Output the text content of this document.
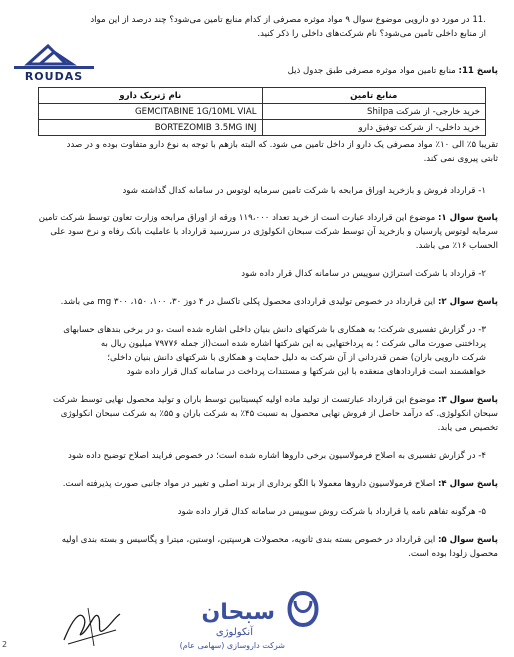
ROUDAS
.11 در مورد دو دارویی موضوع سوال ۹ مواد موثره مصرفی از کدام منابع تامین می‌شود؟ چند درصد از این مواد
از منابع داخلی تامین می‌شود؟ نام شرکت‌های داخلی را ذکر کنید.
پاسخ 11: منابع تامین مواد موثره مصرفی طبق جدول ذیل
منابع تامین	نام ژنریک دارو
خرید خارجی- از شرکت Shilpa	GEMCITABINE 1G/10ML VIAL
خرید داخلی- از شرکت توفیق دارو	BORTEZOMIB 3.5MG INJ
تقریبا ۵٪ الی ۱۰٪ مواد مصرفی یک دارو از داخل تامین می شود. که البته بازهم با توجه به نوع دارو متفاوت بوده و در صدد
ثابتی پیروی نمی کند.
۱- قرارداد فروش و بازخرید اوراق مرابحه با شرکت تامین سرمایه لوتوس در سامانه کدال گذاشته شود
پاسخ سوال ۱: موضوع این قرارداد عبارت است از خرید تعداد ۱۱۹،۰۰۰ ورقه از اوراق مرابحه وزارت تعاون توسط شرکت تامین
سرمایه لوتوس پارسیان و بازخرید آن توسط شرکت سبحان انکولوژی در سررسید قرارداد با عاملیت بانک رفاه و نرخ سود علی
الحساب ۱۶٪ می باشد.
۲- قرارداد با شرکت استراژن سوییس در سامانه کدال قرار داده شود
پاسخ سوال ۲: این قرارداد در خصوص تولیدی قراردادی محصول پکلی تاکسل در ۴ دوز ۳۰، ۱۰۰، ۱۵۰، ۳۰۰ mg می باشد.
۳- در گزارش تفسیری شرکت؛ به همکاری با شرکتهای دانش بنیان داخلی اشاره شده است ،و در برخی بندهای حسابهای
پرداختنی صورت مالی شرکت ؛ به پرداختهایی به این شرکتها اشاره شده است(از جمله ۷۹۷۷۶ میلیون ریال به
شرکت دارویی باران) ضمن قدردانی از آن شرکت به دلیل حمایت و همکاری با شرکتهای دانش بنیان داخلی؛
خواهشمند است قراردادهای منعقده با این شرکتها و مستندات پرداخت در سامانه کدال قرار داده شود
پاسخ سوال ۳: موضوع این قرارداد عبارتست از تولید ماده اولیه کپسیتابین توسط باران و تولید محصول نهایی توسط شرکت
سبحان انکولوژی. که درآمد حاصل از فروش نهایی محصول به نسبت ۴۵٪ به شرکت باران و ۵۵٪ به شرکت سبحان انکولوژی
تخصیص می یابد.
۴- در گزارش تفسیری به اصلاح فرمولاسیون برخی داروها اشاره شده است؛ در خصوص فرایند اصلاح توضیح داده شود
پاسخ سوال ۴: اصلاح فرمولاسیون داروها معمولا با الگو برداری از برند اصلی و تغییر در مواد جانبی صورت پذیرفته است.
۵- هرگونه تفاهم نامه یا قرارداد با شرکت روش سوییس در سامانه کدال قرار داده شود
پاسخ سوال ۵: این قرارداد در خصوص بسته بندی ثانویه، محصولات هرسپتین، اوستین، میترا و پگاسیس و بسته بندی اولیه
محصول زلودا بوده است.
سبحان
آنکولوژی
شرکت داروسازی (سهامی عام)
2
